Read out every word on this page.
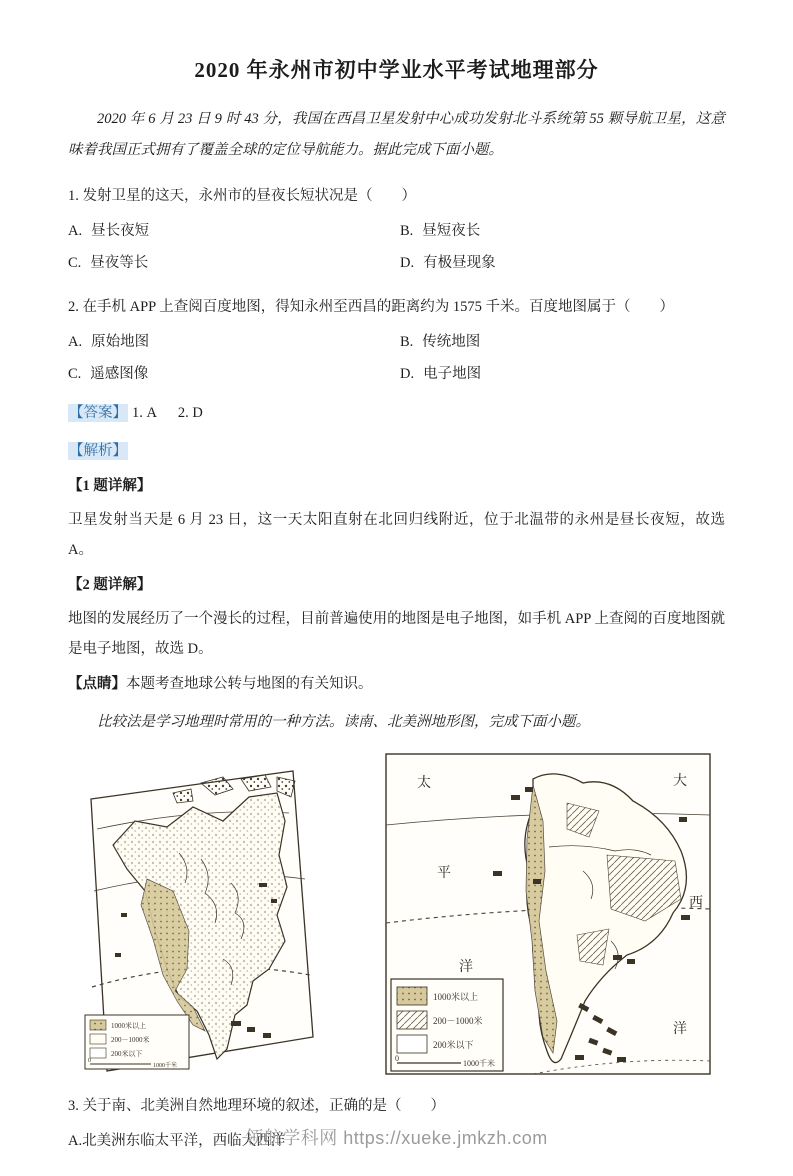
2020 年永州市初中学业水平考试地理部分

2020 年 6 月 23 日 9 时 43 分，我国在西昌卫星发射中心成功发射北斗系统第 55 颗导航卫星，这意味着我国正式拥有了覆盖全球的定位导航能力。据此完成下面小题。

1. 发射卫星的这天，永州市的昼夜长短状况是（　　）
A. 昼长夜短	B. 昼短夜长
C. 昼夜等长	D. 有极昼现象
2. 在手机 APP 上查阅百度地图，得知永州至西昌的距离约为 1575 千米。百度地图属于（　　）
A. 原始地图	B. 传统地图
C. 遥感图像	D. 电子地图
【答案】 1. A      2. D
【解析】
【1 题详解】
卫星发射当天是 6 月 23 日，这一天太阳直射在北回归线附近，位于北温带的永州是昼长夜短，故选 A。
【2 题详解】
地图的发展经历了一个漫长的过程，目前普遍使用的地图是电子地图，如手机 APP 上查阅的百度地图就是电子地图，故选 D。
【点睛】本题考查地球公转与地图的有关知识。

比较法是学习地理时常用的一种方法。读南、北美洲地形图，完成下面小题。

1000米以上
200－1000米
200米以下
0
1000千米
太
平
洋
大
西
洋
1000米以上
200－1000米
200米以下
0
1000千米
3. 关于南、北美洲自然地理环境的叙述，正确的是（　　）
A.北美洲东临太平洋，西临大西洋
领航学科网 https://xueke.jmkzh.com
